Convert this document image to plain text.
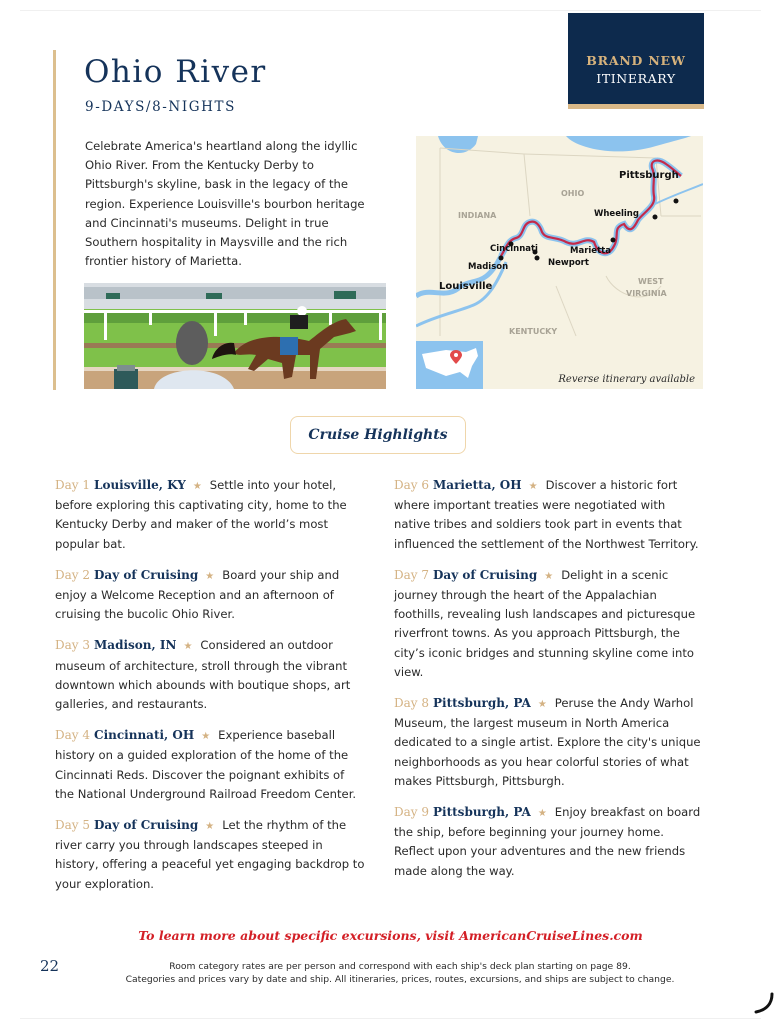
Ohio River
9-DAYS/8-NIGHTS
BRAND NEW
ITINERARY

Celebrate America's heartland along the idyllic Ohio River. From the Kentucky Derby to Pittsburgh's skyline, bask in the legacy of the region. Experience Louisville's bourbon heritage and Cincinnati's museums. Delight in true Southern hospitality in Maysville and the rich frontier history of Marietta.

INDIANA
OHIO
KENTUCKY
WEST
VIRGINIA
Pittsburgh
Wheeling
Marietta
Newport
Cincinnati
Madison
Louisville
Reverse itinerary available
Cruise Highlights
Day 1 Louisville, KY ★ Settle into your hotel, before exploring this captivating city, home to the Kentucky Derby and maker of the world’s most popular bat.
Day 2 Day of Cruising ★ Board your ship and enjoy a Welcome Reception and an afternoon of cruising the bucolic Ohio River.
Day 3 Madison, IN ★ Considered an outdoor museum of architecture, stroll through the vibrant downtown which abounds with boutique shops, art galleries, and restaurants.
Day 4 Cincinnati, OH ★ Experience baseball history on a guided exploration of the home of the Cincinnati Reds. Discover the poignant exhibits of the National Underground Railroad Freedom Center.
Day 5 Day of Cruising ★ Let the rhythm of the river carry you through landscapes steeped in history, offering a peaceful yet engaging backdrop to your exploration.
Day 6 Marietta, OH ★ Discover a historic fort where important treaties were negotiated with native tribes and soldiers took part in events that influenced the settlement of the Northwest Territory.
Day 7 Day of Cruising ★ Delight in a scenic journey through the heart of the Appalachian foothills, revealing lush landscapes and picturesque riverfront towns. As you approach Pittsburgh, the city’s iconic bridges and stunning skyline come into view.
Day 8 Pittsburgh, PA ★ Peruse the Andy Warhol Museum, the largest museum in North America dedicated to a single artist. Explore the city's unique neighborhoods as you hear colorful stories of what makes Pittsburgh, Pittsburgh.
Day 9 Pittsburgh, PA ★ Enjoy breakfast on board the ship, before beginning your journey home. Reflect upon your adventures and the new friends made along the way.
To learn more about specific excursions, visit AmericanCruiseLines.com
22	Room category rates are per person and correspond with each ship's deck plan starting on page 89.
Categories and prices vary by date and ship. All itineraries, prices, routes, excursions, and ships are subject to change.
